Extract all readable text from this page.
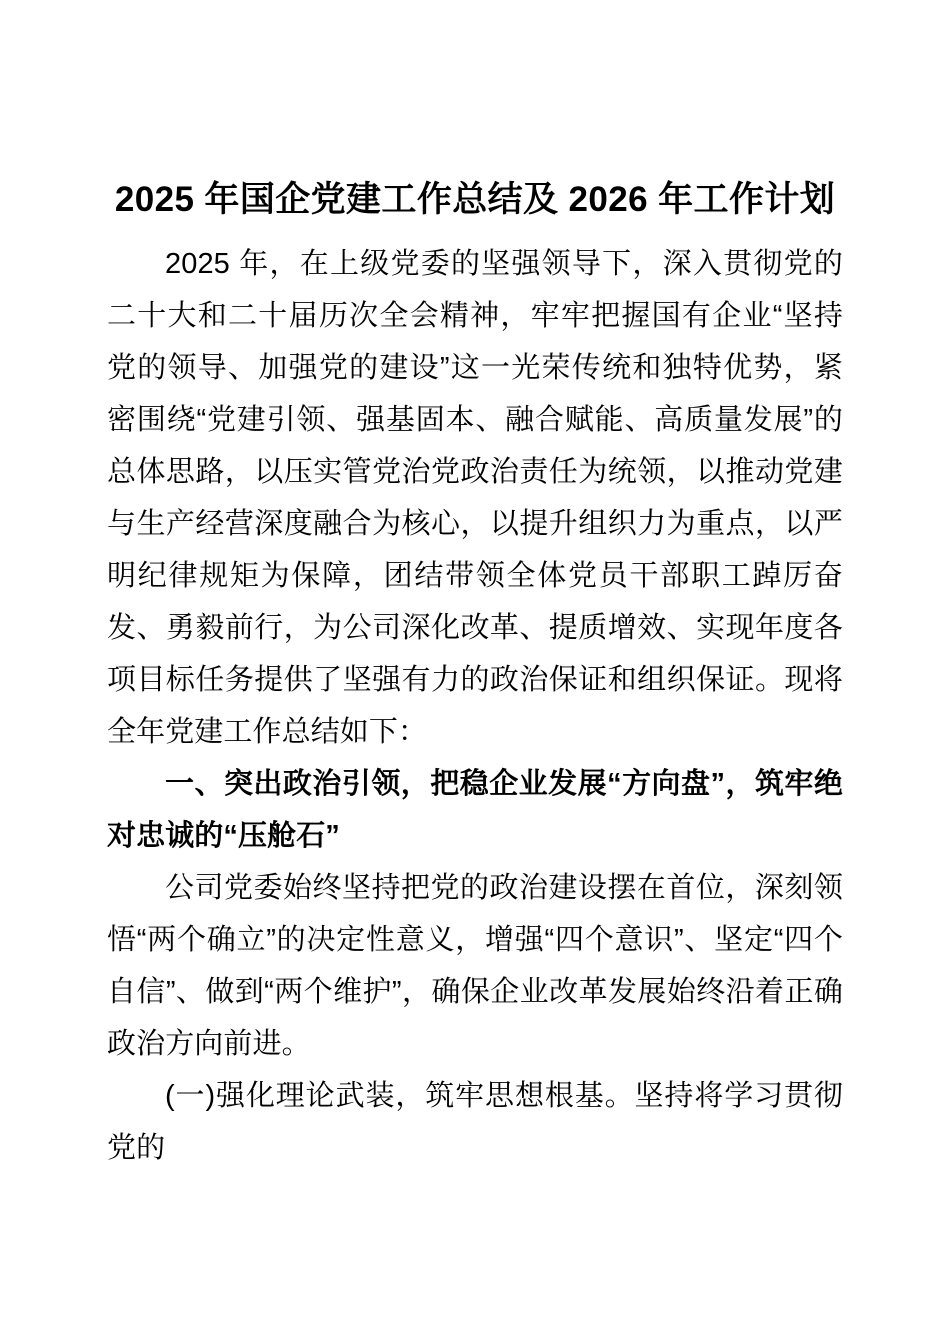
2025 年国企党建工作总结及 2026 年工作计划

2025 年，在上级党委的坚强领导下，深入贯彻党的二十大和二十届历次全会精神，牢牢把握国有企业“坚持党的领导、加强党的建设”这一光荣传统和独特优势，紧密围绕“党建引领、强基固本、融合赋能、高质量发展”的总体思路，以压实管党治党政治责任为统领，以推动党建与生产经营深度融合为核心，以提升组织力为重点，以严明纪律规矩为保障，团结带领全体党员干部职工踔厉奋发、勇毅前行，为公司深化改革、提质增效、实现年度各项目标任务提供了坚强有力的政治保证和组织保证。现将全年党建工作总结如下：

一、突出政治引领，把稳企业发展“方向盘”，筑牢绝对忠诚的“压舱石”

公司党委始终坚持把党的政治建设摆在首位，深刻领悟“两个确立”的决定性意义，增强“四个意识”、坚定“四个自信”、做到“两个维护”，确保企业改革发展始终沿着正确政治方向前进。

(一)强化理论武装，筑牢思想根基。坚持将学习贯彻党的
